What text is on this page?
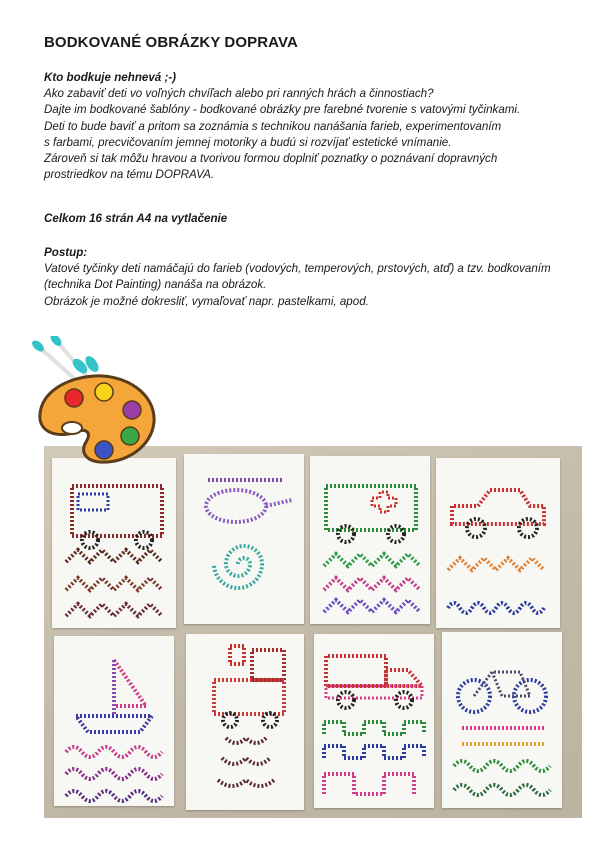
BODKOVANÉ OBRÁZKY DOPRAVA

Kto bodkuje nehnevá ;-)

Ako zabaviť deti vo voľných chvíľach alebo pri ranných hrách a činnostiach?

Dajte im bodkované šablóny - bodkované obrázky pre farebné tvorenie s vatovými tyčinkami.

Deti to bude baviť a pritom sa zoznámia s technikou nanášania farieb, experimentovaním

s farbami, precvičovaním jemnej motoriky a budú si rozvíjať estetické vnímanie.

Zároveň si tak môžu hravou a tvorivou formou doplniť poznatky o poznávaní dopravných

prostriedkov na tému DOPRAVA.

Celkom 16 strán A4 na vytlačenie

Postup:

Vatové tyčinky deti namáčajú do farieb (vodových, temperových, prstových, atď) a tzv. bodkovaním

(technika Dot Painting) nanáša na obrázok.

Obrázok je možné dokresliť, vymaľovať napr. pastelkami, apod.
